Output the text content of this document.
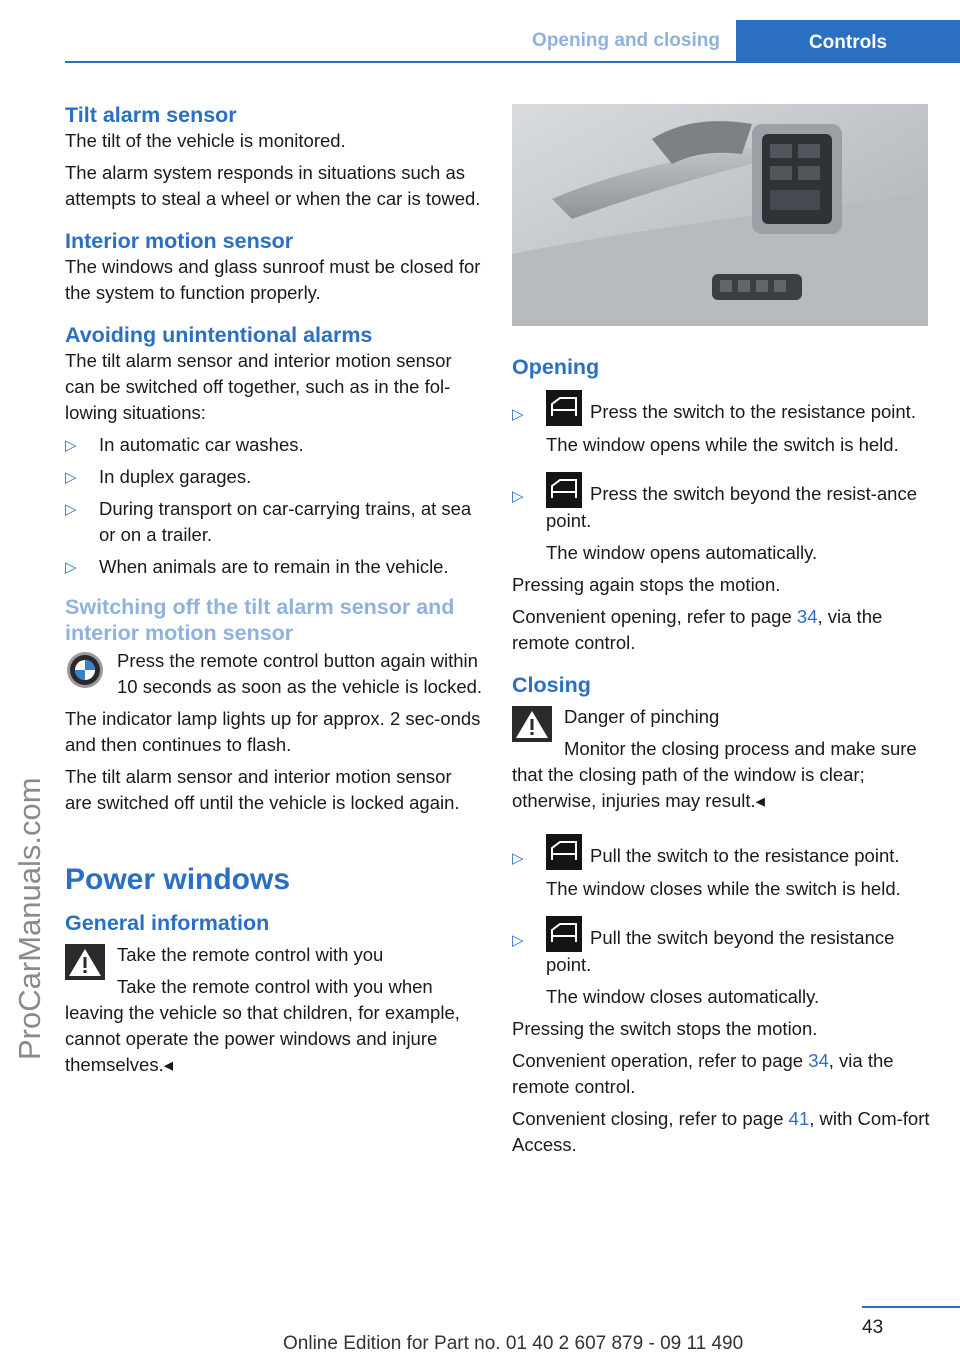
Opening and closing	Controls
ProCarManuals.com
Tilt alarm sensor

The tilt of the vehicle is monitored.

The alarm system responds in situations such as attempts to steal a wheel or when the car is towed.

Interior motion sensor

The windows and glass sunroof must be closed for the system to function properly.

Avoiding unintentional alarms

The tilt alarm sensor and interior motion sensor can be switched off together, such as in the fol-lowing situations:

▷ In automatic car washes.
▷ In duplex garages.
▷ During transport on car-carrying trains, at sea or on a trailer.
▷ When animals are to remain in the vehicle.
Switching off the tilt alarm sensor and interior motion sensor

Press the remote control button again within 10 seconds as soon as the vehicle is locked.

The indicator lamp lights up for approx. 2 sec-onds and then continues to flash.

The tilt alarm sensor and interior motion sensor are switched off until the vehicle is locked again.

Power windows
General information

Take the remote control with you

Take the remote control with you when leaving the vehicle so that children, for example, cannot operate the power windows and injure themselves.◂

Opening
▷	Press the switch to the resistance point.
The window opens while the switch is held.
▷	Press the switch beyond the resist-ance point.
The window opens automatically.

Pressing again stops the motion.

Convenient opening, refer to page 34, via the remote control.

Closing

Danger of pinching

Monitor the closing process and make sure that the closing path of the window is clear; otherwise, injuries may result.◂

▷	Pull the switch to the resistance point.
The window closes while the switch is held.
▷	Pull the switch beyond the resistance point.
The window closes automatically.

Pressing the switch stops the motion.

Convenient operation, refer to page 34, via the remote control.

Convenient closing, refer to page 41, with Com-fort Access.

43
Online Edition for Part no. 01 40 2 607 879 - 09 11 490
